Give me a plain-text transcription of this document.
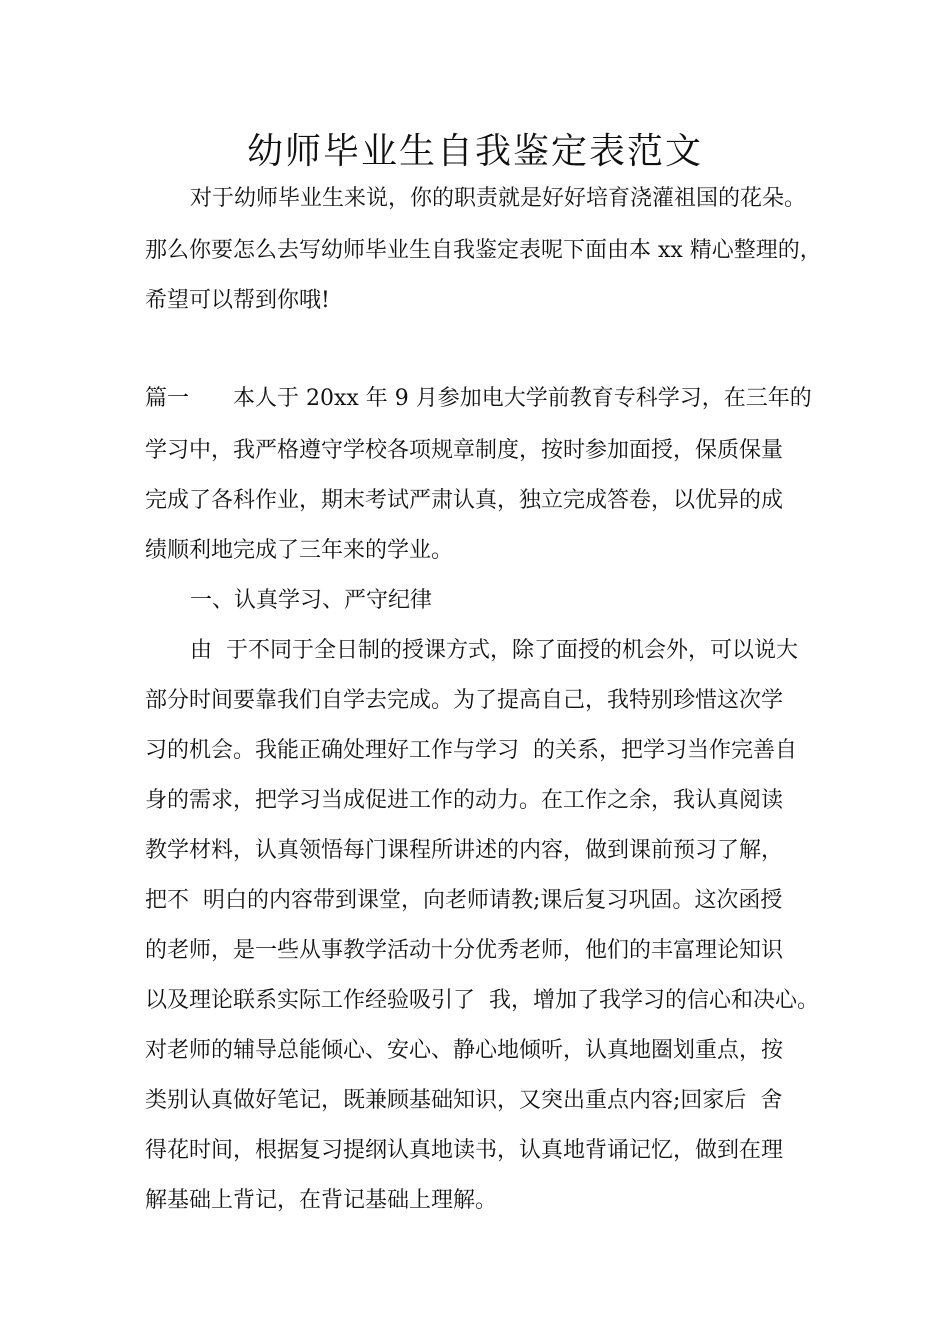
幼师毕业生自我鉴定表范文

对于幼师毕业生来说，你的职责就是好好培育浇灌祖国的花朵。

那么你要怎么去写幼师毕业生自我鉴定表呢下面由本 xx 精心整理的，

希望可以帮到你哦!

篇一　　本人于 20xx 年 9 月参加电大学前教育专科学习，在三年的

学习中，我严格遵守学校各项规章制度，按时参加面授，保质保量

完成了各科作业，期末考试严肃认真，独立完成答卷，以优异的成

绩顺利地完成了三年来的学业。

一、认真学习、严守纪律

由  于不同于全日制的授课方式，除了面授的机会外，可以说大

部分时间要靠我们自学去完成。为了提高自己，我特别珍惜这次学

习的机会。我能正确处理好工作与学习  的关系，把学习当作完善自

身的需求，把学习当成促进工作的动力。在工作之余，我认真阅读

教学材料，认真领悟每门课程所讲述的内容，做到课前预习了解，

把不  明白的内容带到课堂，向老师请教;课后复习巩固。这次函授

的老师，是一些从事教学活动十分优秀老师，他们的丰富理论知识

以及理论联系实际工作经验吸引了  我，增加了我学习的信心和决心。

对老师的辅导总能倾心、安心、静心地倾听，认真地圈划重点，按

类别认真做好笔记，既兼顾基础知识，又突出重点内容;回家后  舍

得花时间，根据复习提纲认真地读书，认真地背诵记忆，做到在理

解基础上背记，在背记基础上理解。
